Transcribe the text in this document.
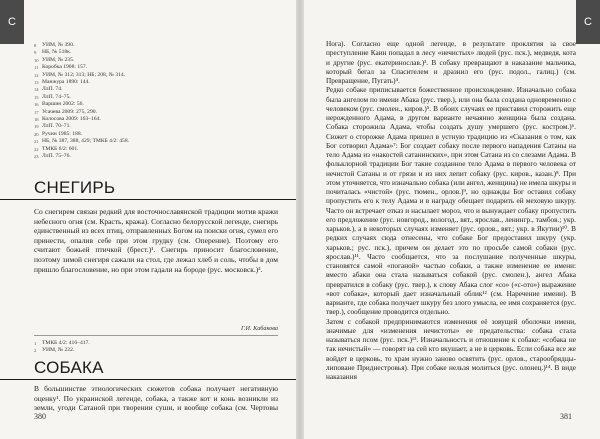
С
8	УИМ, № 390.
9	НБ, № 518к.
10 УИМ, № 235.
11 Коробка 1908: 157.
12 УИМ, № 312; 313; НБ; 208, № 314.
13 Манжура 1890: 144.
14 ЛлП. 74.
15 ЛлП. 74–75.
16 Варшин 2002: 56.
17 Усачева 2009: 275, 290.
18 Колосова 2009: 163–164.
19 ЛлП. 70–71.
20 Ручин 1985: 188.
21 НБ, № 387, 388, 429; ТМКБ 4/2: 458.
22 ТМКБ 6/2: 601.
23 ЛлП. 75–76.
СНЕГИРЬ

Со снегирем связан редкий для восточнославянской традиции мотив кражи небесного огня (см. Красть, кража). Согласно белорусской легенде, снегирь единственный из всех птиц, отправленных Богом на поиски огня, сумел его принести, опалив себе при этом грудку (см. Оперение). Поэтому его считают божьей птичкой (брест.)¹. Снегирь приносит благословение, поэтому зимой снегиря сажали на стол, где лежал хлеб и соль, чтобы в дом пришло благословение, но при этом гадали на бороде (рус. московск.)².

Г.И. Кабакова
1	ТМКБ 4/2: 416–417.
2	УИМ, № 222.
СОБАКА

В большинстве этиологических сюжетов собака получает негативную оценку¹. По украинской легенде, собака, а также кот и конь возникли из земли, угоди Сатаной при творении суши, и вообще собака (см. Чертовы

380
С

Нога). Согласно еще одной легенде, в результате проклятия за свое преступление Каин попадал в лесу «нечистых» людей (рус. пск.), медведя, кота и другие (рус. екатеринослав.)³. В собаку превращают в наказание мальчика, который бегал за Спасителем и дразнил его (рус. подол., галиц.) (см. Превращение, Пугать)⁴.
Редко собаке приписывается божественное происхождение. Изначально собака была ангелом по имени Абака (рус. твер.), или она была создана одновременно с человеком (рус. смолен., киров.)⁵. В обоих случаях ее приставил сторожить еще нерожденного Адама, в другом варианте нечаянно женщина была создана. Собака сторожила Адама, чтобы создать душу умершего (рус. костром.)⁶. Сюжет о сторожке Адама пришел в устную традицию из «Сказания о том, как Бог сотворил Адама»⁷: Бог создает собаку после первого нападения Сатаны на тело Адама из «накостей сатанинских», при этом Сатана из со слезами Адама. В фольклорной традиции Бог такие созданное тело Адама в первого человека от нечистой Сатаны и от грязи и из них лепит собаку (рус. киров., казан.)⁸. При этом уточняется, что изначально собака (или ангел, женщина) не имела шкуры и почиталась «чистой» (рус. тюмен., орлов.)⁹, но однажды Бог оставил собаку пропустить его к телу Адама и в награду обещает подарить ей меховую шкуру. Часто он встречает отказ и насылает мороз, что и вынуждает собаку пропустить его предложение (рус. новгород., вологод., вят., ярослав., ленингр., тамбов.; укр. харьков.), а в некоторых случаях изменяет (рус. орлов., вят.; укр. в Якутии)¹⁰. В редких случаях сюда отнесены, что собаке Бог предоставил шкуру (укр. харьков.; рус. пск.), причем он делает это по просьбе самой собаки (рус. ярослав.)¹¹. Часто сообщается, что за послушание полученные шкуры, становятся самой «поганой» частью собаки, а также изменение ее имени: вместо абаки она стала называться собакой (рус. смолен.), ангел Абака превратился в собаку (рус. твер.), к слову Абака слог «со» («с-ото») выражение «вот собака», который дает изначальный облик¹² (см. Наречение имени). В варианте, где собака получает шкуру без злого умысла, ее имя сохраняется (рус. твер.), сообщение проводится отдельно.
Затем с собакой предпринимаются изменения её зовущей оболочки имени, значимые для «изменения нечистоты» ее предательства: собака стала называться псом (рус. пск.)¹³. Изначальность и отношение к собаке: «собака не так нечистый» — говорят на сей кто вкушает, а не в церковь. Если собака все же войдет в церковь, то храм нужно заново освятить (рус. орлов., старообрядцы-липоване Приднестровья). При собаке нельзя молиться (рус. олонец.)¹⁴. В виде наказания

381
